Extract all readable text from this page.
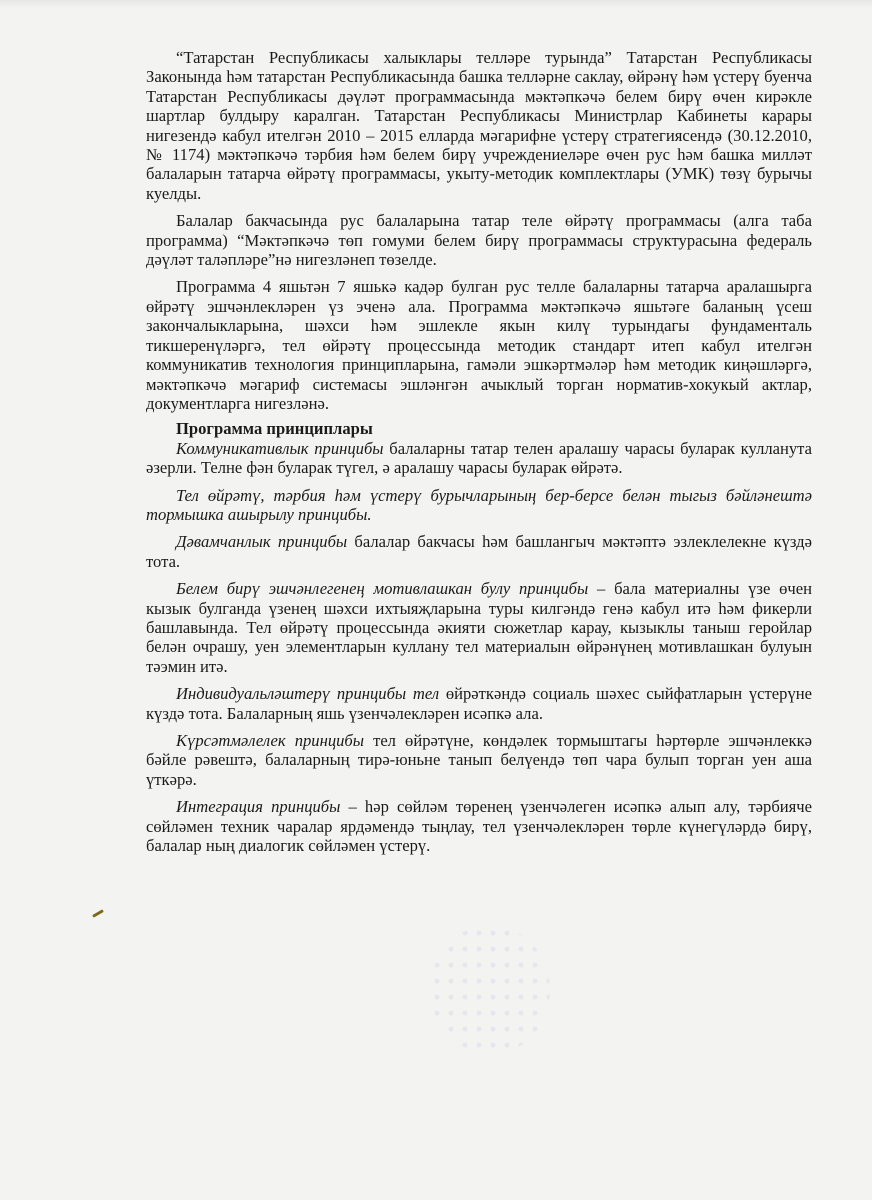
“Татарстан Республикасы халыклары телләре турында” Татарстан Республикасы Законында һәм татарстан Республикасында башка телләрне саклау, өйрәнү һәм үстерү буенча Татарстан Республикасы дәүләт программасында мәктәпкәчә белем бирү өчен кирәкле шартлар булдыру каралган. Татарстан Республикасы Министрлар Кабинеты карары нигезендә кабул ителгән 2010 – 2015 елларда мәгарифне үстерү стратегиясендә (30.12.2010, № 1174) мәктәпкәчә тәрбия һәм белем бирү учреждениеләре өчен рус һәм башка милләт балаларын татарча өйрәтү программасы, укыту-методик комплектлары (УМК) төзү бурычы куелды.

Балалар бакчасында рус балаларына татар теле өйрәтү программасы (алга таба программа) “Мәктәпкәчә төп гомуми белем бирү программасы структурасына федераль дәүләт таләпләре”нә нигезләнеп төзелде.

Программа 4 яшьтән 7 яшькә кадәр булган рус телле балаларны татарча аралашырга өйрәтү эшчәнлекләрен үз эченә ала. Программа мәктәпкәчә яшьтәге баланың үсеш закончалыкларына, шәхси һәм эшлекле якын килү турындагы фундаменталь тикшеренүләргә, тел өйрәтү процессында методик стандарт итеп кабул ителгән коммуникатив технология принципларына, гамәли эшкәртмәләр һәм методик киңәшләргә, мәктәпкәчә мәгариф системасы эшләнгән ачыклый торган норматив-хокукый актлар, документларга нигезләнә.

Программа принциплары

Коммуникативлык принцибы балаларны татар телен аралашу чарасы буларак кулланута әзерли. Телне фән буларак түгел, ә аралашу чарасы буларак өйрәтә.

Тел өйрәтү, тәрбия һәм үстерү бурычларының бер-берсе белән тыгыз бәйләнештә тормышка ашырылу принцибы.

Дәвамчанлык принцибы балалар бакчасы һәм башлангыч мәктәптә эзлеклелекне күздә тота.

Белем бирү эшчәнлегенең мотивлашкан булу принцибы – бала материалны үзе өчен кызык булганда үзенең шәхси ихтыяҗларына туры килгәндә генә кабул итә һәм фикерли башлавында. Тел өйрәтү процессында әкияти сюжетлар карау, кызыклы таныш геройлар белән очрашу, уен элементларын куллану тел материалын өйрәнүнең мотивлашкан булуын тәэмин итә.

Индивидуальләштерү принцибы тел өйрәткәндә социаль шәхес сыйфатларын үстерүне күздә тота. Балаларның яшь үзенчәлекләрен исәпкә ала.

Күрсәтмәлелек принцибы тел өйрәтүне, көндәлек тормыштагы һәртөрле эшчәнлеккә бәйле рәвештә, балаларның тирә-юньне танып белүендә төп чара булып торган уен аша үткәрә.

Интеграция принцибы – һәр сөйләм төренең үзенчәлеген исәпкә алып алу, тәрбияче сөйләмен техник чаралар ярдәмендә тыңлау, тел үзенчәлекләрен төрле күнегүләрдә бирү, балалар ның диалогик сөйләмен үстерү.
